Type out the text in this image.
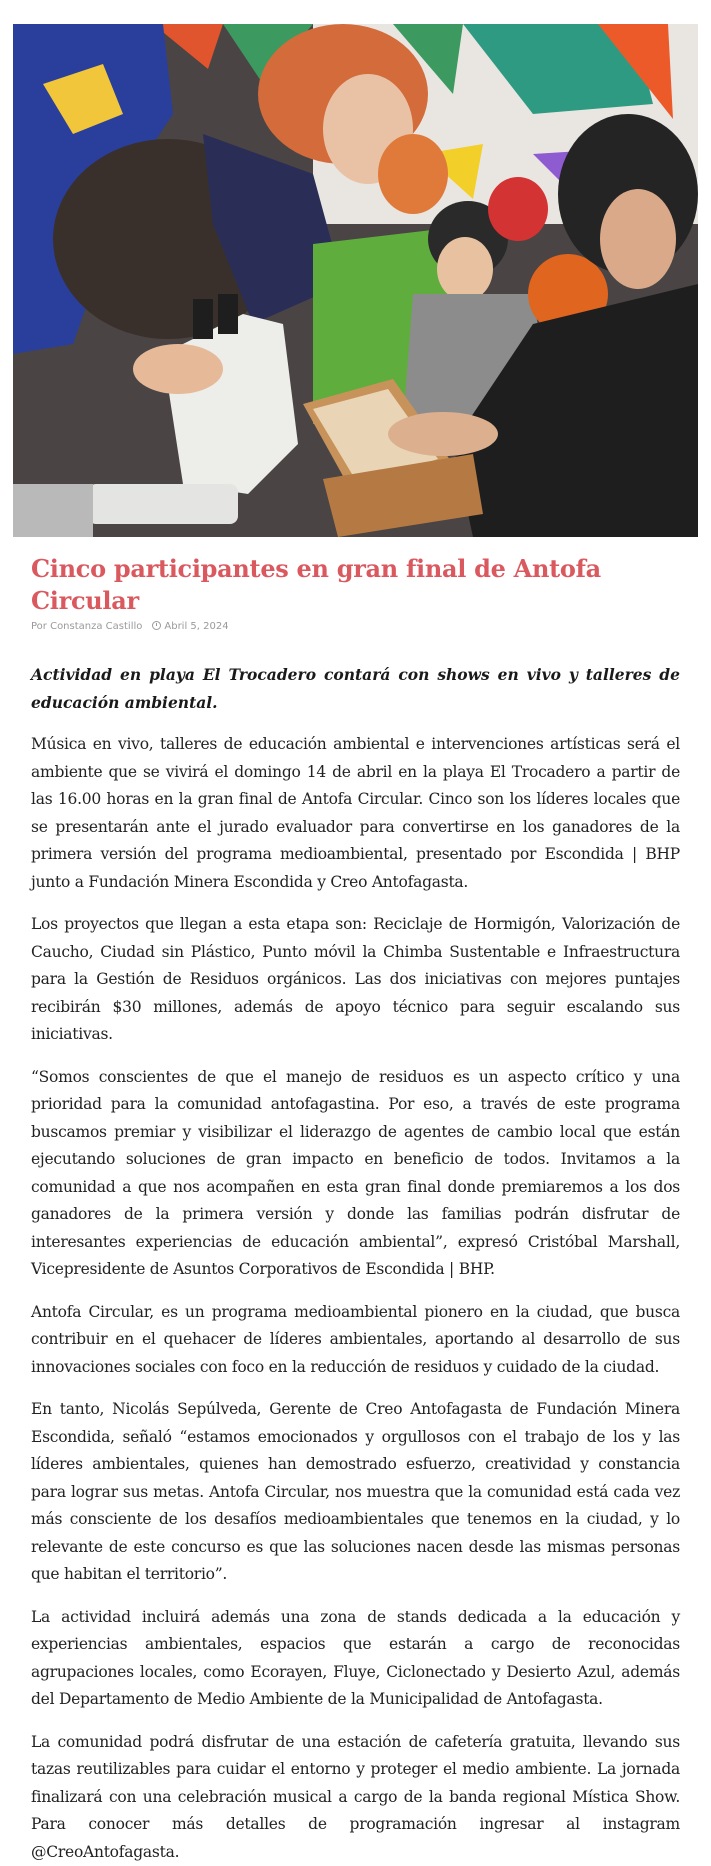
Cinco participantes en gran final de Antofa Circular
Por Constanza Castillo	Abril 5, 2024

Actividad en playa El Trocadero contará con shows en vivo y talleres de educación ambiental.

Música en vivo, talleres de educación ambiental e intervenciones artísticas será el ambiente que se vivirá el domingo 14 de abril en la playa El Trocadero a partir de las 16.00 horas en la gran final de Antofa Circular. Cinco son los líderes locales que se presentarán ante el jurado evaluador para convertirse en los ganadores de la primera versión del programa medioambiental, presentado por Escondida | BHP junto a Fundación Minera Escondida y Creo Antofagasta.

Los proyectos que llegan a esta etapa son: Reciclaje de Hormigón, Valorización de Caucho, Ciudad sin Plástico, Punto móvil la Chimba Sustentable e Infraestructura para la Gestión de Residuos orgánicos. Las dos iniciativas con mejores puntajes recibirán $30 millones, además de apoyo técnico para seguir escalando sus iniciativas.

“Somos conscientes de que el manejo de residuos es un aspecto crítico y una prioridad para la comunidad antofagastina. Por eso, a través de este programa buscamos premiar y visibilizar el liderazgo de agentes de cambio local que están ejecutando soluciones de gran impacto en beneficio de todos. Invitamos a la comunidad a que nos acompañen en esta gran final donde premiaremos a los dos ganadores de la primera versión y donde las familias podrán disfrutar de interesantes experiencias de educación ambiental”, expresó Cristóbal Marshall, Vicepresidente de Asuntos Corporativos de Escondida | BHP.

Antofa Circular, es un programa medioambiental pionero en la ciudad, que busca contribuir en el quehacer de líderes ambientales, aportando al desarrollo de sus innovaciones sociales con foco en la reducción de residuos y cuidado de la ciudad.

En tanto, Nicolás Sepúlveda, Gerente de Creo Antofagasta de Fundación Minera Escondida, señaló “estamos emocionados y orgullosos con el trabajo de los y las líderes ambientales, quienes han demostrado esfuerzo, creatividad y constancia para lograr sus metas. Antofa Circular, nos muestra que la comunidad está cada vez más consciente de los desafíos medioambientales que tenemos en la ciudad, y lo relevante de este concurso es que las soluciones nacen desde las mismas personas que habitan el territorio”.

La actividad incluirá además una zona de stands dedicada a la educación y experiencias ambientales, espacios que estarán a cargo de reconocidas agrupaciones locales, como Ecorayen, Fluye, Ciclonectado y Desierto Azul, además del Departamento de Medio Ambiente de la Municipalidad de Antofagasta.

La comunidad podrá disfrutar de una estación de cafetería gratuita, llevando sus tazas reutilizables para cuidar el entorno y proteger el medio ambiente. La jornada finalizará con una celebración musical a cargo de la banda regional Mística Show. Para conocer más detalles de programación ingresar al instagram @CreoAntofagasta.
